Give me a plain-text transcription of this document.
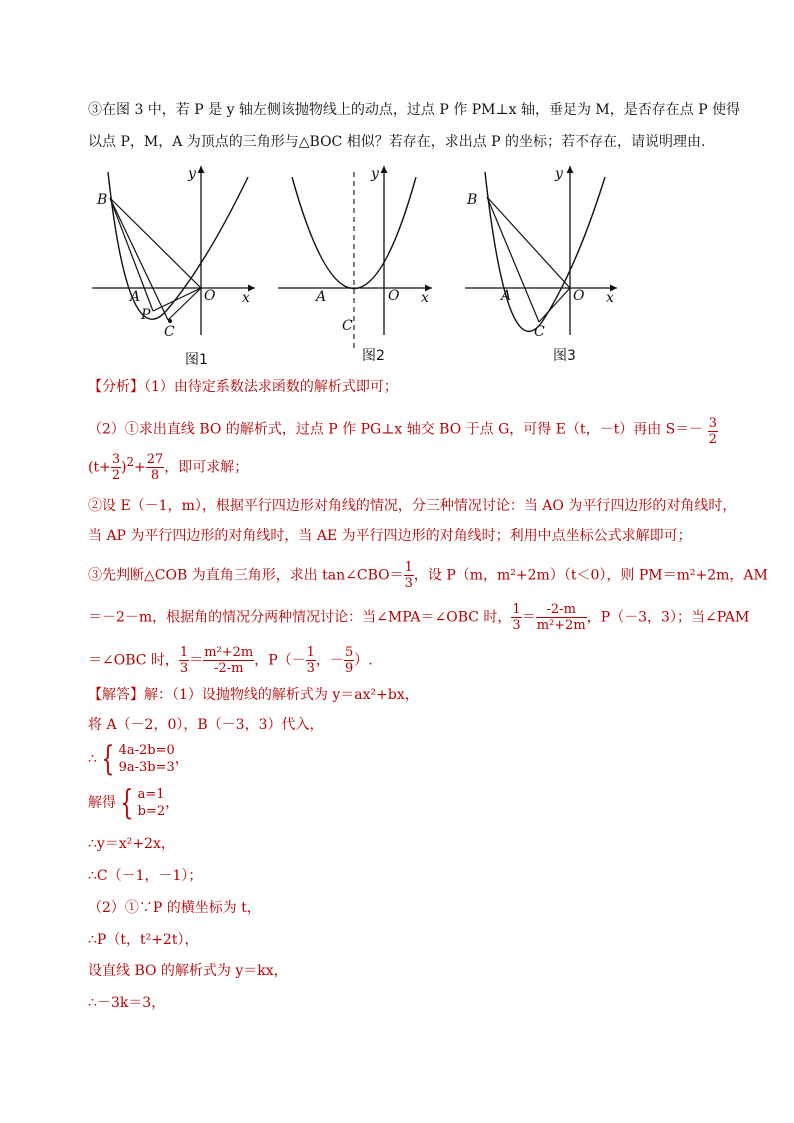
③在图 3 中，若 P 是 y 轴左侧该抛物线上的动点，过点 P 作 PM⊥x 轴，垂足为 M，是否存在点 P 使得
以点 P，M，A 为顶点的三角形与△BOC 相似？若存在，求出点 P 的坐标；若不存在，请说明理由.
B
A
P
C
O x
y
图1
A
C
O x
y
图2
B
A
C
O x
y
图3
【分析】（1）由待定系数法求函数的解析式即可；
（2）①求出直线 BO 的解析式，过点 P 作 PG⊥x 轴交 BO 于点 G，可得 E（t，－t）再由 $S=- \frac{3}{2}$
$(t+ \frac{3}{2} )^2+ \frac{27}{8}$ ，即可求解；
②设 E（－1，m），根据平行四边形对角线的情况，分三种情况讨论：当 AO 为平行四边形的对角线时，
当 AP 为平行四边形的对角线时，当 AE 为平行四边形的对角线时；利用中点坐标公式求解即可；
③先判断△COB 为直角三角形，求出 tan∠CBO＝ $\frac{1}{3}$ ，设 P（m，m²+2m）（t＜0），则 PM＝m²+2m，AM
＝－2－m，根据角的情况分两种情况讨论：当∠MPA＝∠OBC 时， $\frac{1}{3} = \frac{-2-m}{\text{m²+2m}}$ ，P（－3，3）；当∠PAM
＝∠OBC 时， $\frac{1}{3} = \frac{\text{m²+2m}}{-2-m}$ ，$P(- \frac{1}{3}$ ，－ $\frac{5}{9}$ ）.
【解答】解：（1）设抛物线的解析式为 y＝ax²+bx，
将 A（－2，0），B（－3，3）代入，
∴ { 4a-2b=0
9a-3b=3
，
解得 { a=1
b=2
，
∴y＝x²+2x，
∴C（－1，－1）；
（2）①∵P 的横坐标为 t，
∴P（t，t²+2t），
设直线 BO 的解析式为 y＝kx，
∴－3k＝3，
